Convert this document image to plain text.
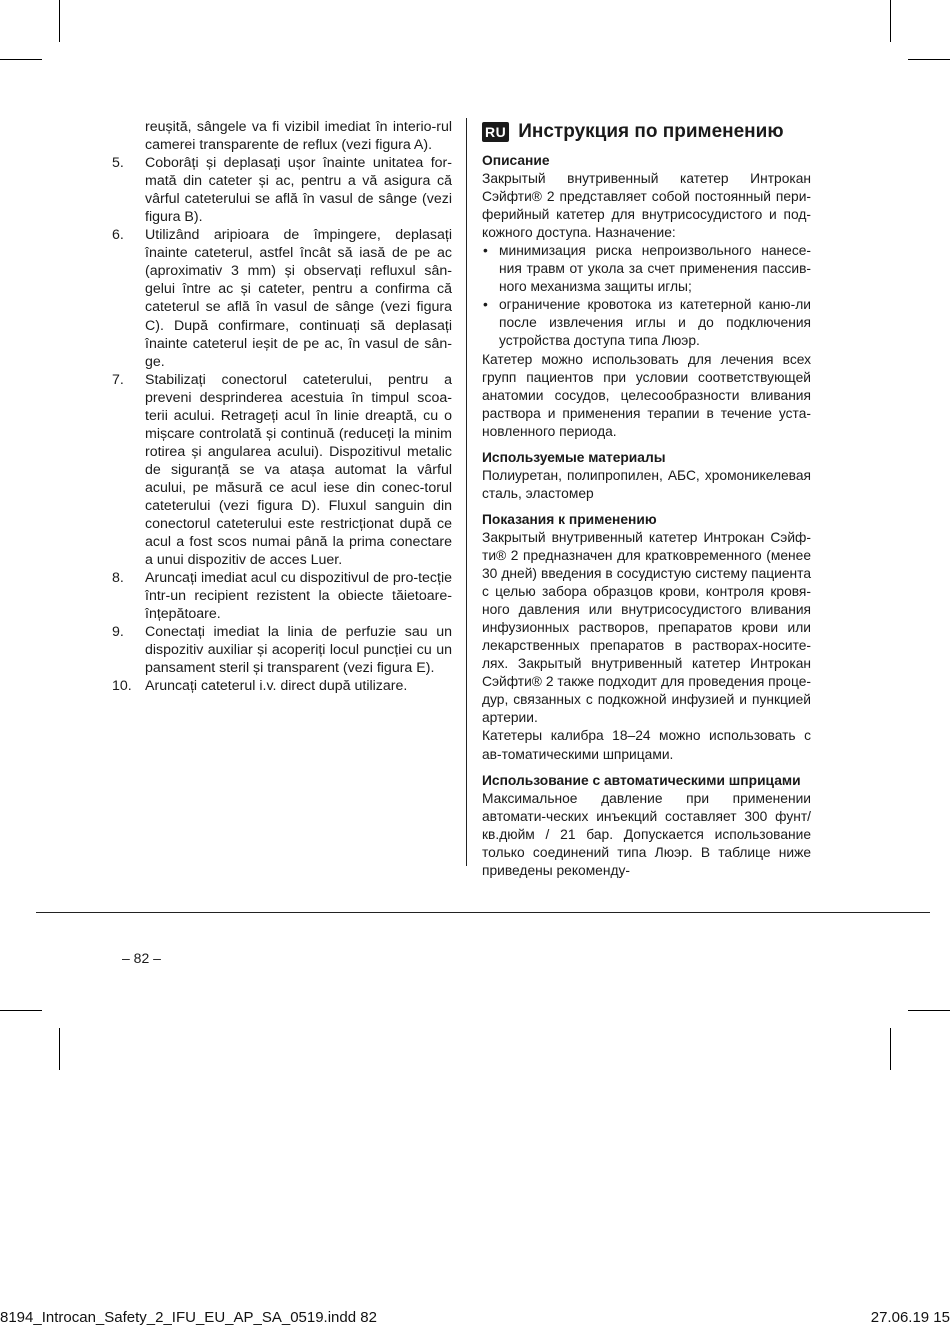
reușită, sângele va fi vizibil imediat în interio-rul camerei transparente de reflux (vezi figura A).

5.	Coborâți și deplasați ușor înainte unitatea for-mată din cateter și ac, pentru a vă asigura că vârful cateterului se află în vasul de sânge (vezi figura B).
6.	Utilizând aripioara de împingere, deplasați înainte cateterul, astfel încât să iasă de pe ac (aproximativ 3 mm) și observați refluxul sân-gelui între ac și cateter, pentru a confirma că cateterul se află în vasul de sânge (vezi figura C). După confirmare, continuați să deplasați înainte cateterul ieșit de pe ac, în vasul de sân-ge.
7.	Stabilizați conectorul cateterului, pentru a preveni desprinderea acestuia în timpul scoa-terii acului. Retrageți acul în linie dreaptă, cu o mișcare controlată și continuă (reduceți la minim rotirea și angularea acului). Dispozitivul metalic de siguranță se va atașa automat la vârful acului, pe măsură ce acul iese din conec-torul cateterului (vezi figura D). Fluxul sanguin din conectorul cateterului este restricționat după ce acul a fost scos numai până la prima conectare a unui dispozitiv de acces Luer.
8.	Aruncați imediat acul cu dispozitivul de pro-tecție într-un recipient rezistent la obiecte tăietoare-înțepătoare.
9.	Conectați imediat la linia de perfuzie sau un dispozitiv auxiliar și acoperiți locul puncției cu un pansament steril și transparent (vezi figura E).
10. Aruncați cateterul i.v. direct după utilizare.
RU Инструкция по применению
Описание

Закрытый внутривенный катетер Интрокан Сэйфти® 2 представляет собой постоянный пери-ферийный катетер для внутрисосудистого и под-кожного доступа. Назначение:

• минимизация риска непроизвольного нанесе-ния травм от укола за счет применения пассив-ного механизма защиты иглы;
• ограничение кровотока из катетерной каню-ли после извлечения иглы и до подключения устройства доступа типа Люэр.

Катетер можно использовать для лечения всех групп пациентов при условии соответствующей анатомии сосудов, целесообразности вливания раствора и применения терапии в течение уста-новленного периода.

Используемые материалы

Полиуретан, полипропилен, АБС, хромоникелевая сталь, эластомер

Показания к применению

Закрытый внутривенный катетер Интрокан Сэйф-ти® 2 предназначен для кратковременного (менее 30 дней) введения в сосудистую систему пациента с целью забора образцов крови, контроля кровя-ного давления или внутрисосудистого вливания инфузионных растворов, препаратов крови или лекарственных препаратов в растворах-носите-лях. Закрытый внутривенный катетер Интрокан Сэйфти® 2 также подходит для проведения проце-дур, связанных с подкожной инфузией и пункцией артерии.

Катетеры калибра 18–24 можно использовать с ав-томатическими шприцами.

Использование с автоматическими шприцами

Максимальное давление при применении автомати-ческих инъекций составляет 300 фунт/кв.дюйм / 21 бар. Допускается использование только соединений типа Люэр. В таблице ниже приведены рекоменду-

– 82 –
8194_Introcan_Safety_2_IFU_EU_AP_SA_0519.indd 82	27.06.19 15
